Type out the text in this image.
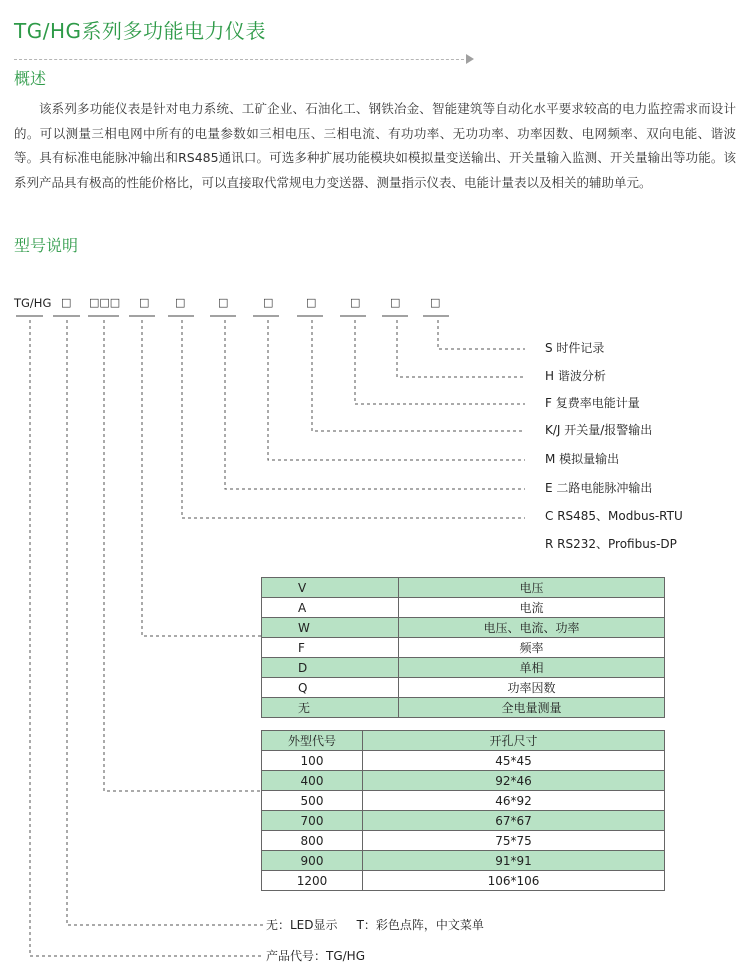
TG/HG系列多功能电力仪表
概述
该系列多功能仪表是针对电力系统、工矿企业、石油化工、钢铁冶金、智能建筑等自动化水平要求较高的电力监控需求而设计的。可以测量三相电网中所有的电量参数如三相电压、三相电流、有功功率、无功功率、功率因数、电网频率、双向电能、谐波等。具有标准电能脉冲输出和RS485通讯口。可选多种扩展功能模块如模拟量变送输出、开关量输入监测、开关量输出等功能。该系列产品具有极高的性能价格比，可以直接取代常规电力变送器、测量指示仪表、电能计量表以及相关的辅助单元。
型号说明
TG/HG □ □□□ □ □	□	□	□	□	□	□
S 时件记录
H 谐波分析
F 复费率电能计量
K/J 开关量/报警输出
M 模拟量输出
E 二路电能脉冲输出
C RS485、Modbus-RTU
R RS232、Profibus-DP
V	电压
A	电流
W	电压、电流、功率
F	频率
D	单相
Q	功率因数
无	全电量测量
外型代号	开孔尺寸
100	45*45
400	92*46
500	46*92
700	67*67
800	75*75
900	91*91
1200	106*106
无：LED显示     T：彩色点阵，中文菜单
产品代号：TG/HG
